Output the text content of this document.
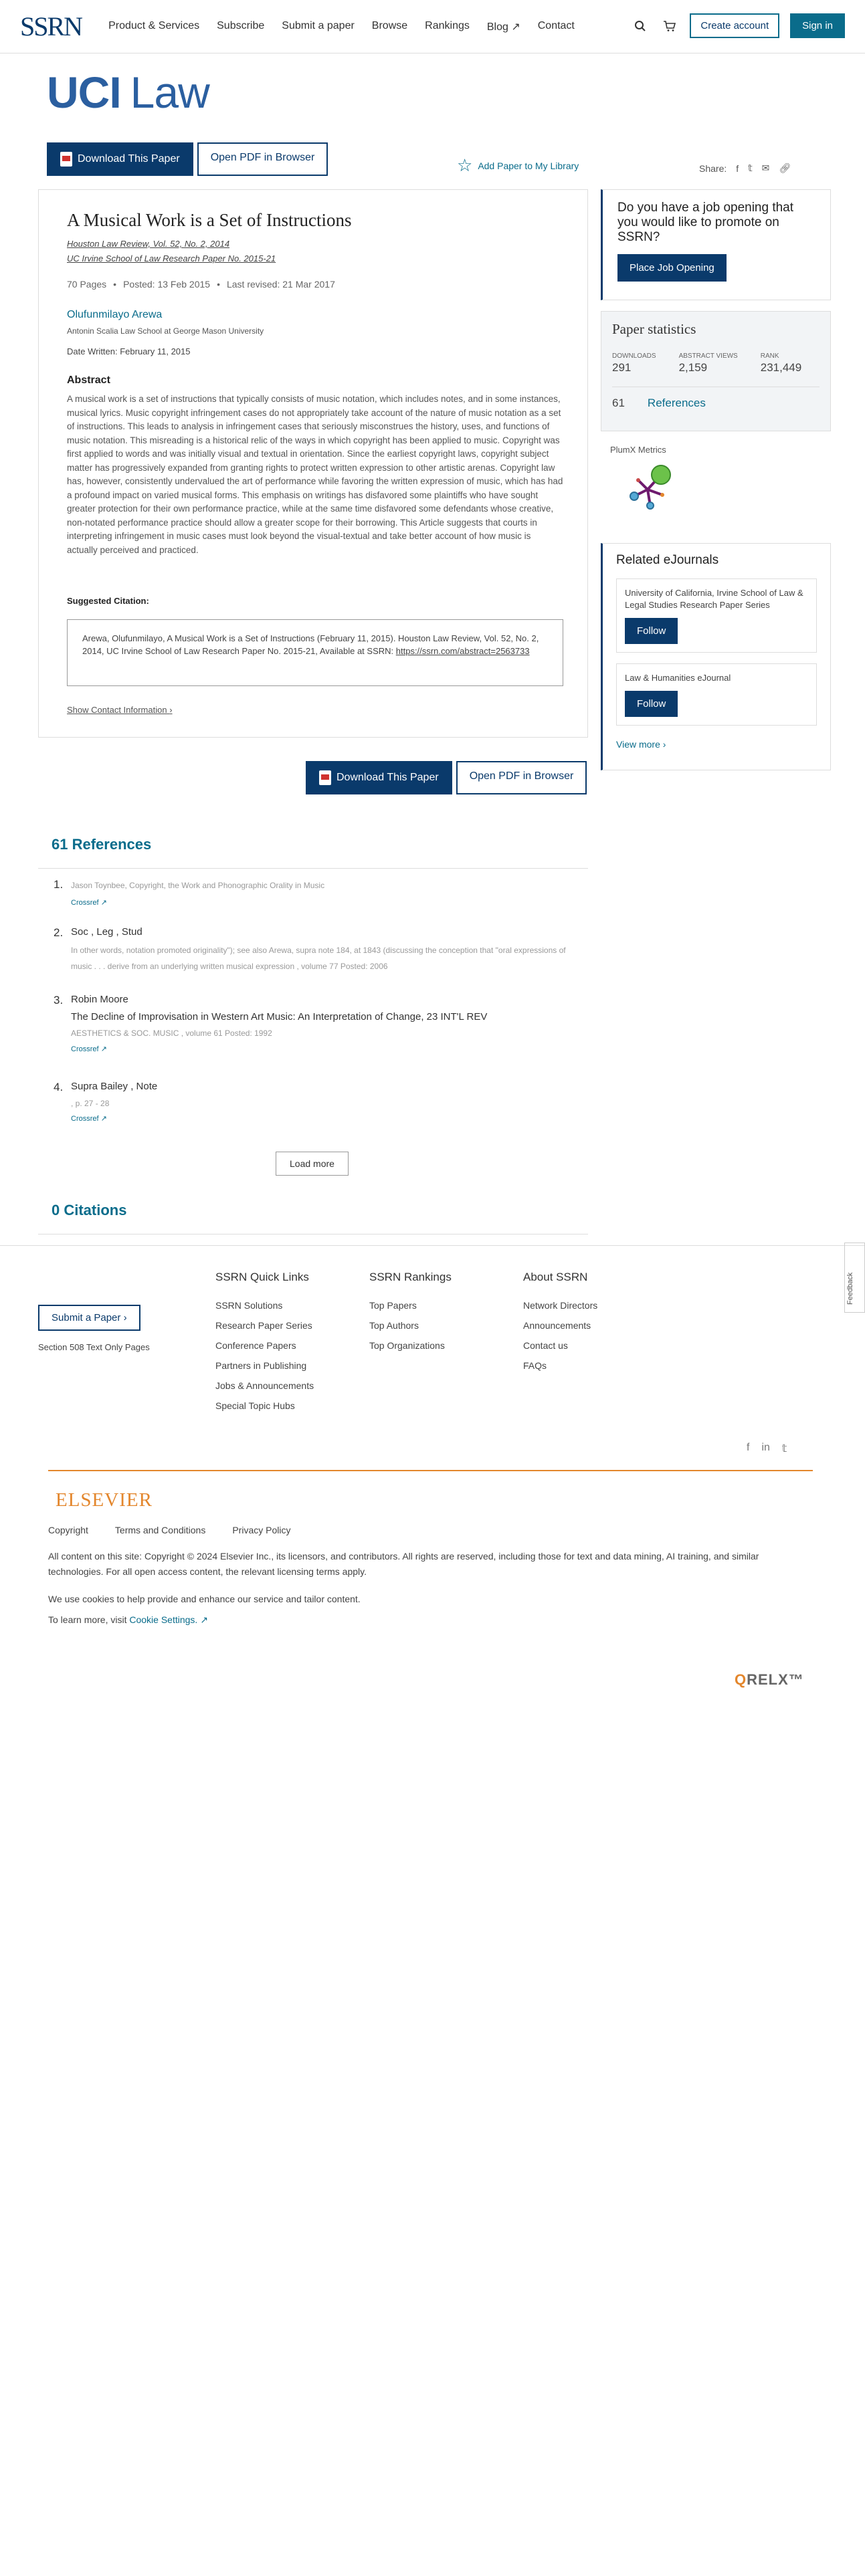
SSRN	Product & Services Subscribe Submit a paper Browse Rankings Blog ↗ Contact	Create account	Sign in
UCI Law
Download This Paper	Open PDF in Browser	☆ Add Paper to My Library	Share: f 𝕥 ✉ 🔗︎
A Musical Work is a Set of Instructions
Houston Law Review, Vol. 52, No. 2, 2014
UC Irvine School of Law Research Paper No. 2015-21
70 Pages • Posted: 13 Feb 2015 • Last revised: 21 Mar 2017
Olufunmilayo Arewa
Antonin Scalia Law School at George Mason University
Date Written: February 11, 2015
Abstract
A musical work is a set of instructions that typically consists of music notation, which includes notes, and in some instances, musical lyrics. Music copyright infringement cases do not appropriately take account of the nature of music notation as a set of instructions. This leads to analysis in infringement cases that seriously misconstrues the history, uses, and functions of music notation. This misreading is a historical relic of the ways in which copyright has been applied to music. Copyright was first applied to words and was initially visual and textual in orientation. Since the earliest copyright laws, copyright subject matter has progressively expanded from granting rights to protect written expression to other artistic arenas. Copyright law has, however, consistently undervalued the art of performance while favoring the written expression of music, which has had a profound impact on varied musical forms. This emphasis on writings has disfavored some plaintiffs who have sought greater protection for their own performance practice, while at the same time disfavored some defendants whose creative, non-notated performance practice should allow a greater scope for their borrowing. This Article suggests that courts in interpreting infringement in music cases must look beyond the visual-textual and take better account of how music is actually perceived and practiced.
Suggested Citation:
Arewa, Olufunmilayo, A Musical Work is a Set of Instructions (February 11, 2015). Houston Law Review, Vol. 52, No. 2, 2014, UC Irvine School of Law Research Paper No. 2015-21, Available at SSRN: https://ssrn.com/abstract=2563733
Show Contact Information ›
Do you have a job opening that you would like to promote on SSRN?
Place Job Opening
Paper statistics
DOWNLOADS
291
ABSTRACT VIEWS
2,159
RANK
231,449
61 References
PlumX Metrics
Related eJournals
University of California, Irvine School of Law & Legal Studies Research Paper Series
Follow
Law & Humanities eJournal
Follow
View more ›
Download This Paper	Open PDF in Browser
61 References
1. Jason Toynbee, Copyright, the Work and Phonographic Orality in Music
Crossref ↗
2. Soc , Leg , Stud
In other words, notation promoted originality"); see also Arewa, supra note 184, at 1843 (discussing the conception that "oral expressions of music . . . derive from an underlying written musical expression , volume 77 Posted: 2006
3. Robin Moore
The Decline of Improvisation in Western Art Music: An Interpretation of Change, 23 INT'L REV
AESTHETICS & SOC. MUSIC , volume 61 Posted: 1992
Crossref ↗
4. Supra Bailey , Note
, p. 27 - 28
Crossref ↗
Load more
0 Citations
Submit a Paper ›
Section 508 Text Only Pages
SSRN Quick Links
SSRN Solutions
Research Paper Series
Conference Papers
Partners in Publishing
Jobs & Announcements
Special Topic Hubs
SSRN Rankings
Top Papers
Top Authors
Top Organizations
About SSRN
Network Directors
Announcements
Contact us
FAQs
Feedback
f in 𝕥
ELSEVIER
Copyright	Terms and Conditions	Privacy Policy
All content on this site: Copyright © 2024 Elsevier Inc., its licensors, and contributors. All rights are reserved, including those for text and data mining, AI training, and similar technologies. For all open access content, the relevant licensing terms apply.
We use cookies to help provide and enhance our service and tailor content.
To learn more, visit Cookie Settings. ↗
QRELX™
